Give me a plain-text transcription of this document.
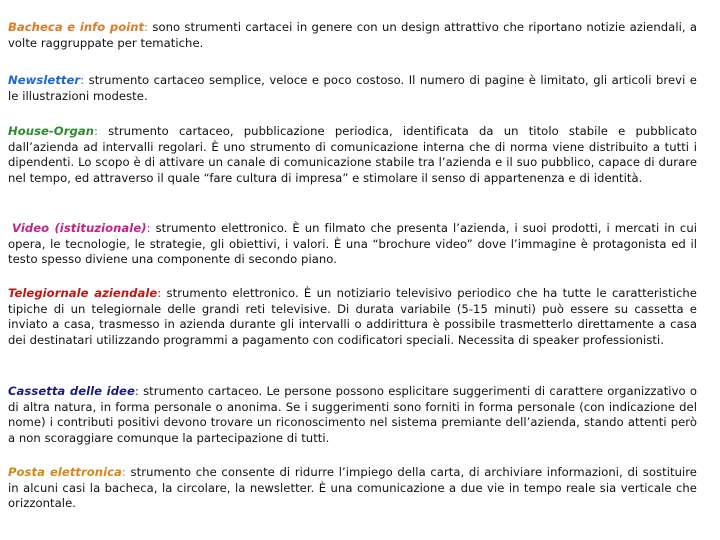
Bacheca e info point: sono strumenti cartacei in genere con un design attrattivo che riportano notizie aziendali, a volte raggruppate per tematiche.
Newsletter: strumento cartaceo semplice, veloce e poco costoso. Il numero di pagine è limitato, gli articoli brevi e le illustrazioni modeste.
House-Organ: strumento cartaceo, pubblicazione periodica, identificata da un titolo stabile e pubblicato dall’azienda ad intervalli regolari. È uno strumento di comunicazione interna che di norma viene distribuito a tutti i dipendenti. Lo scopo è di attivare un canale di comunicazione stabile tra l’azienda e il suo pubblico, capace di durare nel tempo, ed attraverso il quale “fare cultura di impresa” e stimolare il senso di appartenenza e di identità.
Video (istituzionale): strumento elettronico. È un filmato che presenta l’azienda, i suoi prodotti, i mercati in cui opera, le tecnologie, le strategie, gli obiettivi, i valori. È una “brochure video” dove l’immagine è protagonista ed il testo spesso diviene una componente di secondo piano.
Telegiornale aziendale: strumento elettronico. È un notiziario televisivo periodico che ha tutte le caratteristiche tipiche di un telegiornale delle grandi reti televisive. Di durata variabile (5-15 minuti) può essere su cassetta e inviato a casa, trasmesso in azienda durante gli intervalli o addirittura è possibile trasmetterlo direttamente a casa dei destinatari utilizzando programmi a pagamento con codificatori speciali. Necessita di speaker professionisti.
Cassetta delle idee: strumento cartaceo. Le persone possono esplicitare suggerimenti di carattere organizzativo o di altra natura, in forma personale o anonima. Se i suggerimenti sono forniti in forma personale (con indicazione del nome) i contributi positivi devono trovare un riconoscimento nel sistema premiante dell’azienda, stando attenti però a non scoraggiare comunque la partecipazione di tutti.
Posta elettronica: strumento che consente di ridurre l’impiego della carta, di archiviare informazioni, di sostituire in alcuni casi la bacheca, la circolare, la newsletter. È una comunicazione a due vie in tempo reale sia verticale che orizzontale.
